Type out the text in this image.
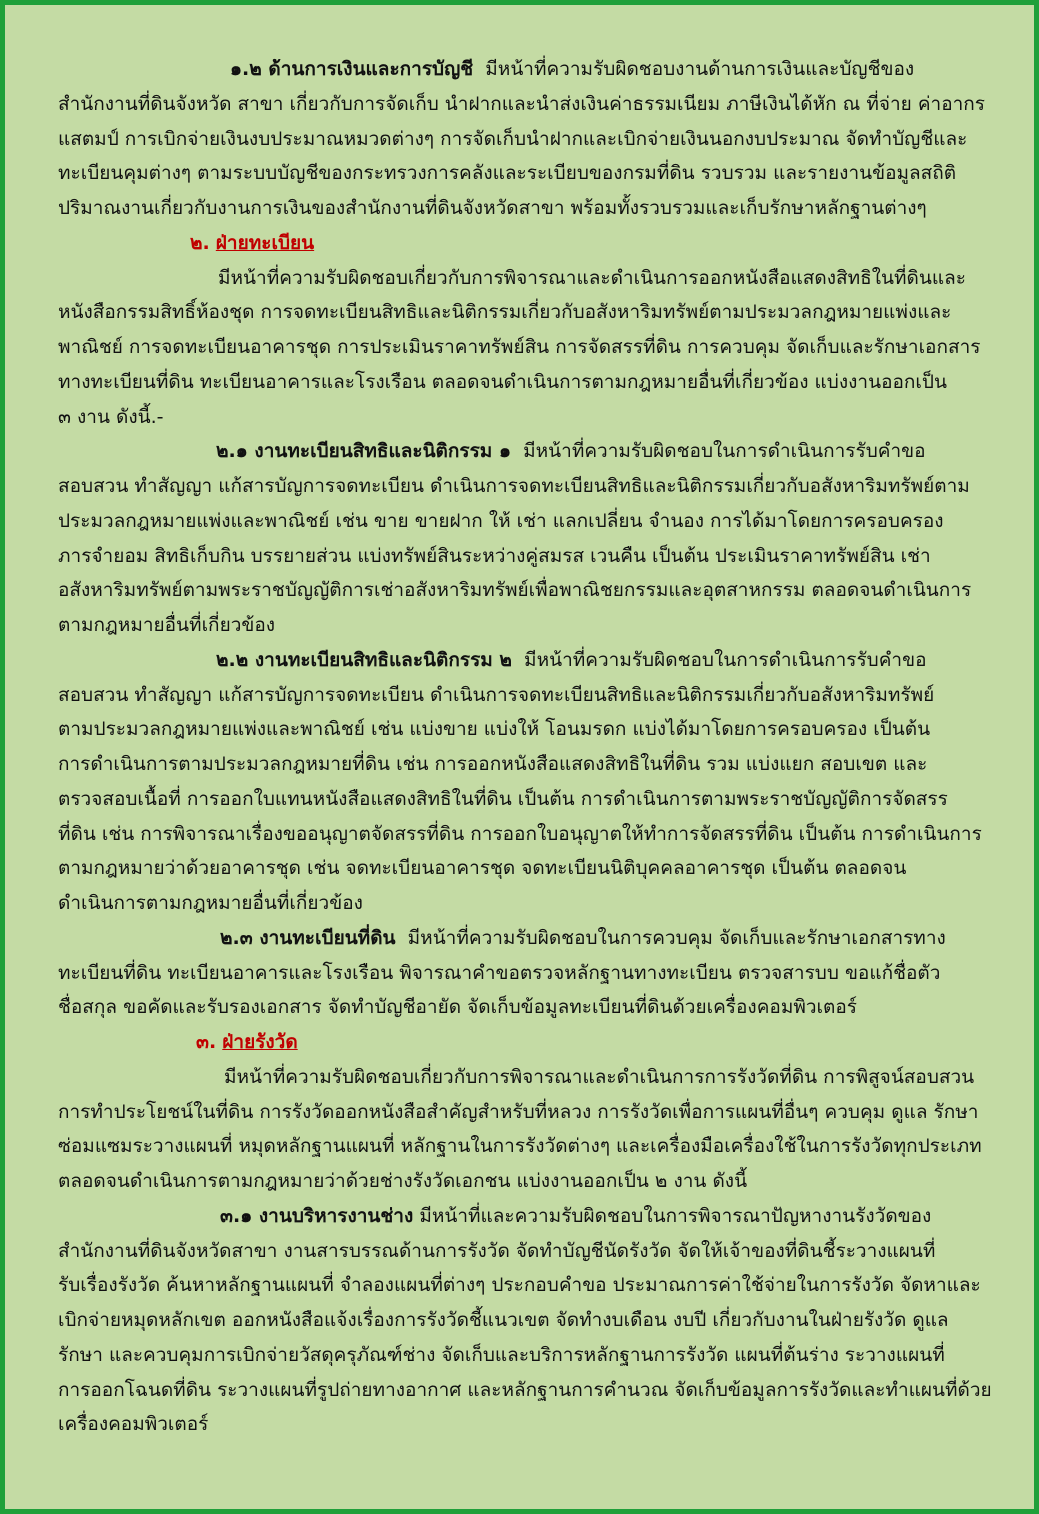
๑.๒ ด้านการเงินและการบัญชี มีหน้าที่ความรับผิดชอบงานด้านการเงินและบัญชีของ
สำนักงานที่ดินจังหวัด สาขา เกี่ยวกับการจัดเก็บ นำฝากและนำส่งเงินค่าธรรมเนียม ภาษีเงินได้หัก ณ ที่จ่าย ค่าอากร
แสตมป์ การเบิกจ่ายเงินงบประมาณหมวดต่างๆ การจัดเก็บนำฝากและเบิกจ่ายเงินนอกงบประมาณ จัดทำบัญชีและ
ทะเบียนคุมต่างๆ ตามระบบบัญชีของกระทรวงการคลังและระเบียบของกรมที่ดิน รวบรวม และรายงานข้อมูลสถิติ
ปริมาณงานเกี่ยวกับงานการเงินของสำนักงานที่ดินจังหวัดสาขา พร้อมทั้งรวบรวมและเก็บรักษาหลักฐานต่างๆ
๒. ฝ่ายทะเบียน
มีหน้าที่ความรับผิดชอบเกี่ยวกับการพิจารณาและดำเนินการออกหนังสือแสดงสิทธิในที่ดินและ
หนังสือกรรมสิทธิ์ห้องชุด การจดทะเบียนสิทธิและนิติกรรมเกี่ยวกับอสังหาริมทรัพย์ตามประมวลกฎหมายแพ่งและ
พาณิชย์ การจดทะเบียนอาคารชุด การประเมินราคาทรัพย์สิน การจัดสรรที่ดิน การควบคุม จัดเก็บและรักษาเอกสาร
ทางทะเบียนที่ดิน ทะเบียนอาคารและโรงเรือน ตลอดจนดำเนินการตามกฎหมายอื่นที่เกี่ยวข้อง แบ่งงานออกเป็น
๓ งาน ดังนี้.-
๒.๑ งานทะเบียนสิทธิและนิติกรรม ๑ มีหน้าที่ความรับผิดชอบในการดำเนินการรับคำขอ
สอบสวน ทำสัญญา แก้สารบัญการจดทะเบียน ดำเนินการจดทะเบียนสิทธิและนิติกรรมเกี่ยวกับอสังหาริมทรัพย์ตาม
ประมวลกฎหมายแพ่งและพาณิชย์ เช่น ขาย ขายฝาก ให้ เช่า แลกเปลี่ยน จำนอง การได้มาโดยการครอบครอง
ภารจำยอม สิทธิเก็บกิน บรรยายส่วน แบ่งทรัพย์สินระหว่างคู่สมรส เวนคืน เป็นต้น ประเมินราคาทรัพย์สิน เช่า
อสังหาริมทรัพย์ตามพระราชบัญญัติการเช่าอสังหาริมทรัพย์เพื่อพาณิชยกรรมและอุตสาหกรรม ตลอดจนดำเนินการ
ตามกฎหมายอื่นที่เกี่ยวข้อง
๒.๒ งานทะเบียนสิทธิและนิติกรรม ๒ มีหน้าที่ความรับผิดชอบในการดำเนินการรับคำขอ
สอบสวน ทำสัญญา แก้สารบัญการจดทะเบียน ดำเนินการจดทะเบียนสิทธิและนิติกรรมเกี่ยวกับอสังหาริมทรัพย์
ตามประมวลกฎหมายแพ่งและพาณิชย์ เช่น แบ่งขาย แบ่งให้ โอนมรดก แบ่งได้มาโดยการครอบครอง เป็นต้น
การดำเนินการตามประมวลกฎหมายที่ดิน เช่น การออกหนังสือแสดงสิทธิในที่ดิน รวม แบ่งแยก สอบเขต และ
ตรวจสอบเนื้อที่ การออกใบแทนหนังสือแสดงสิทธิในที่ดิน เป็นต้น การดำเนินการตามพระราชบัญญัติการจัดสรร
ที่ดิน เช่น การพิจารณาเรื่องขออนุญาตจัดสรรที่ดิน การออกใบอนุญาตให้ทำการจัดสรรที่ดิน เป็นต้น การดำเนินการ
ตามกฎหมายว่าด้วยอาคารชุด เช่น จดทะเบียนอาคารชุด จดทะเบียนนิติบุคคลอาคารชุด เป็นต้น ตลอดจน
ดำเนินการตามกฎหมายอื่นที่เกี่ยวข้อง
๒.๓ งานทะเบียนที่ดิน มีหน้าที่ความรับผิดชอบในการควบคุม จัดเก็บและรักษาเอกสารทาง
ทะเบียนที่ดิน ทะเบียนอาคารและโรงเรือน พิจารณาคำขอตรวจหลักฐานทางทะเบียน ตรวจสารบบ ขอแก้ชื่อตัว
ชื่อสกุล ขอคัดและรับรองเอกสาร จัดทำบัญชีอายัด จัดเก็บข้อมูลทะเบียนที่ดินด้วยเครื่องคอมพิวเตอร์
๓. ฝ่ายรังวัด
มีหน้าที่ความรับผิดชอบเกี่ยวกับการพิจารณาและดำเนินการการรังวัดที่ดิน การพิสูจน์สอบสวน
การทำประโยชน์ในที่ดิน การรังวัดออกหนังสือสำคัญสำหรับที่หลวง การรังวัดเพื่อการแผนที่อื่นๆ ควบคุม ดูแล รักษา
ซ่อมแซมระวางแผนที่ หมุดหลักฐานแผนที่ หลักฐานในการรังวัดต่างๆ และเครื่องมือเครื่องใช้ในการรังวัดทุกประเภท
ตลอดจนดำเนินการตามกฎหมายว่าด้วยช่างรังวัดเอกชน แบ่งงานออกเป็น ๒ งาน ดังนี้
๓.๑ งานบริหารงานช่าง มีหน้าที่และความรับผิดชอบในการพิจารณาปัญหางานรังวัดของ
สำนักงานที่ดินจังหวัดสาขา งานสารบรรณด้านการรังวัด จัดทำบัญชีนัดรังวัด จัดให้เจ้าของที่ดินชี้ระวางแผนที่
รับเรื่องรังวัด ค้นหาหลักฐานแผนที่ จำลองแผนที่ต่างๆ ประกอบคำขอ ประมาณการค่าใช้จ่ายในการรังวัด จัดหาและ
เบิกจ่ายหมุดหลักเขต ออกหนังสือแจ้งเรื่องการรังวัดชี้แนวเขต จัดทำงบเดือน งบปี เกี่ยวกับงานในฝ่ายรังวัด ดูแล
รักษา และควบคุมการเบิกจ่ายวัสดุครุภัณฑ์ช่าง จัดเก็บและบริการหลักฐานการรังวัด แผนที่ต้นร่าง ระวางแผนที่
การออกโฉนดที่ดิน ระวางแผนที่รูปถ่ายทางอากาศ และหลักฐานการคำนวณ จัดเก็บข้อมูลการรังวัดและทำแผนที่ด้วย
เครื่องคอมพิวเตอร์
